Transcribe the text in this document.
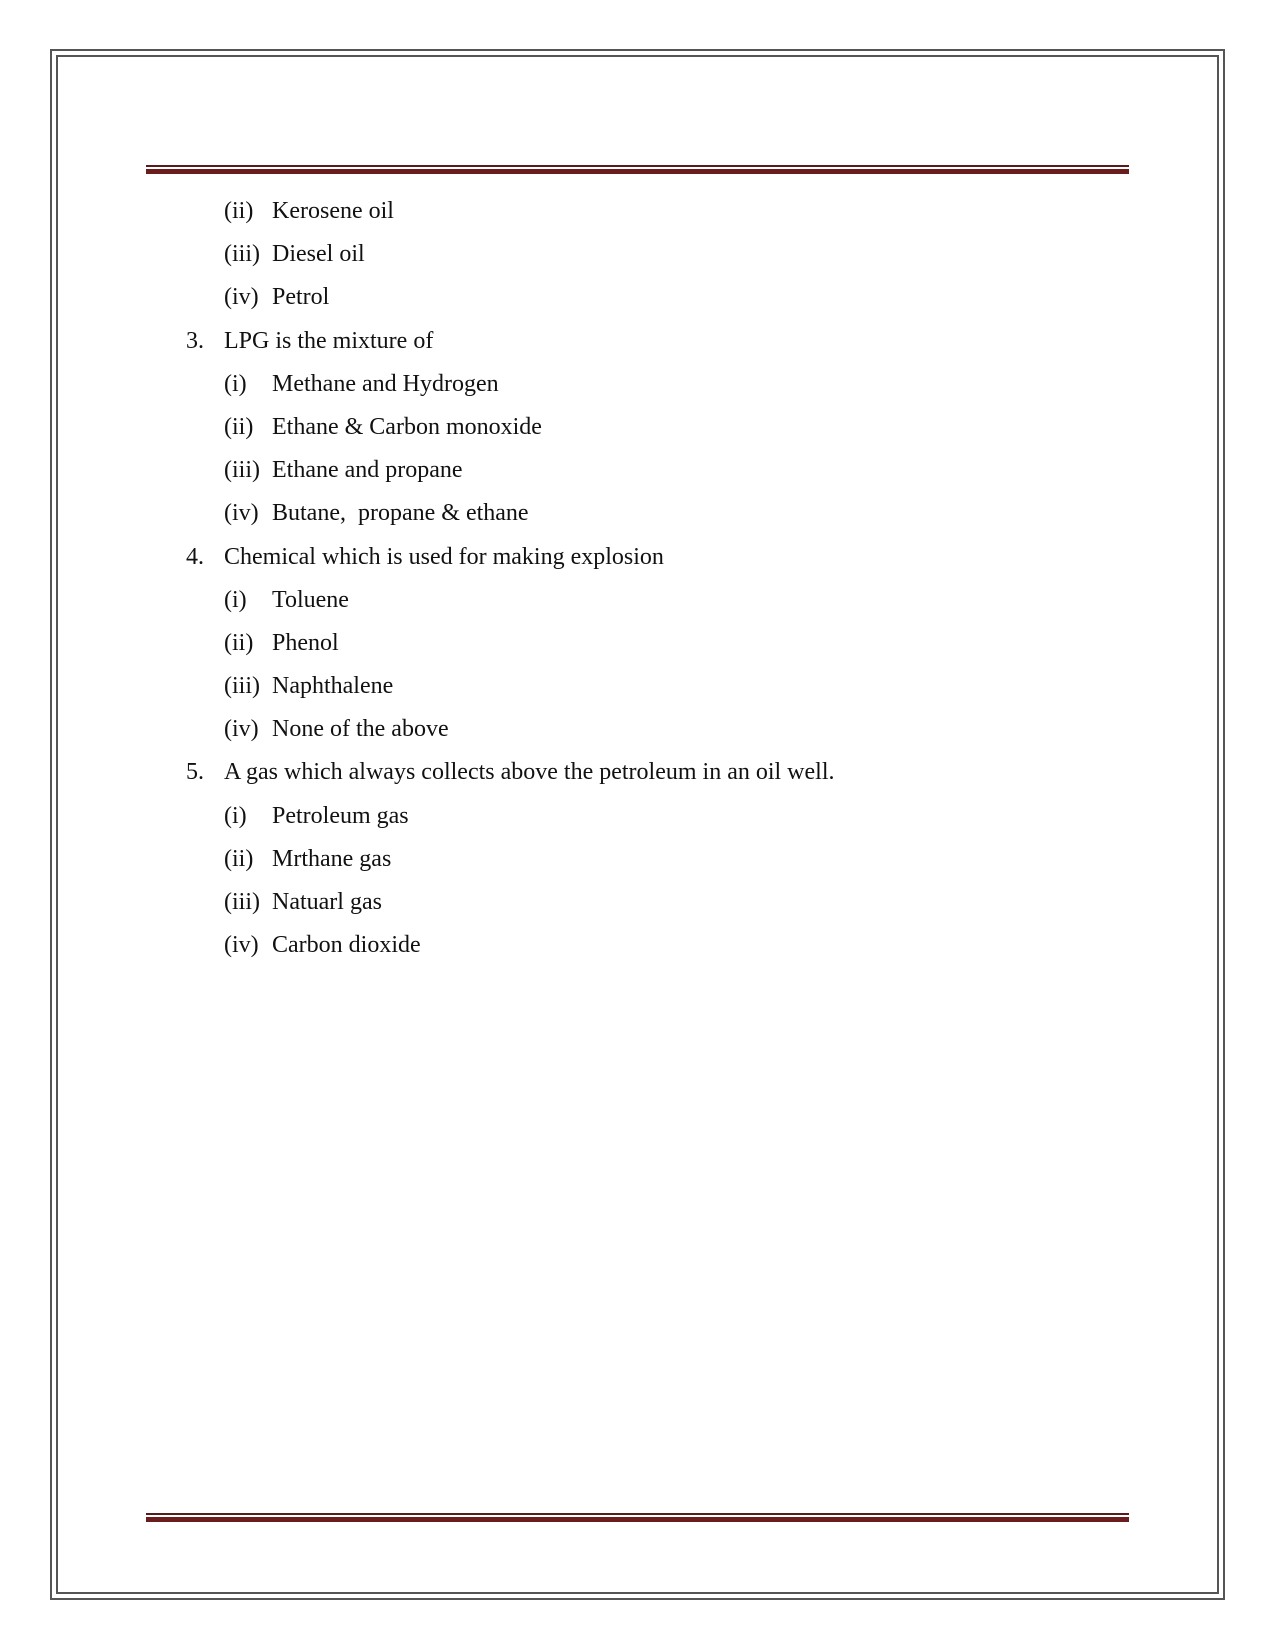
(ii) Kerosene oil
(iii) Diesel oil
(iv) Petrol
3. LPG is the mixture of
(i) Methane and Hydrogen
(ii) Ethane & Carbon monoxide
(iii) Ethane and propane
(iv) Butane,  propane & ethane
4. Chemical which is used for making explosion
(i) Toluene
(ii) Phenol
(iii) Naphthalene
(iv) None of the above
5. A gas which always collects above the petroleum in an oil well.
(i) Petroleum gas
(ii) Mrthane gas
(iii) Natuarl gas
(iv) Carbon dioxide
